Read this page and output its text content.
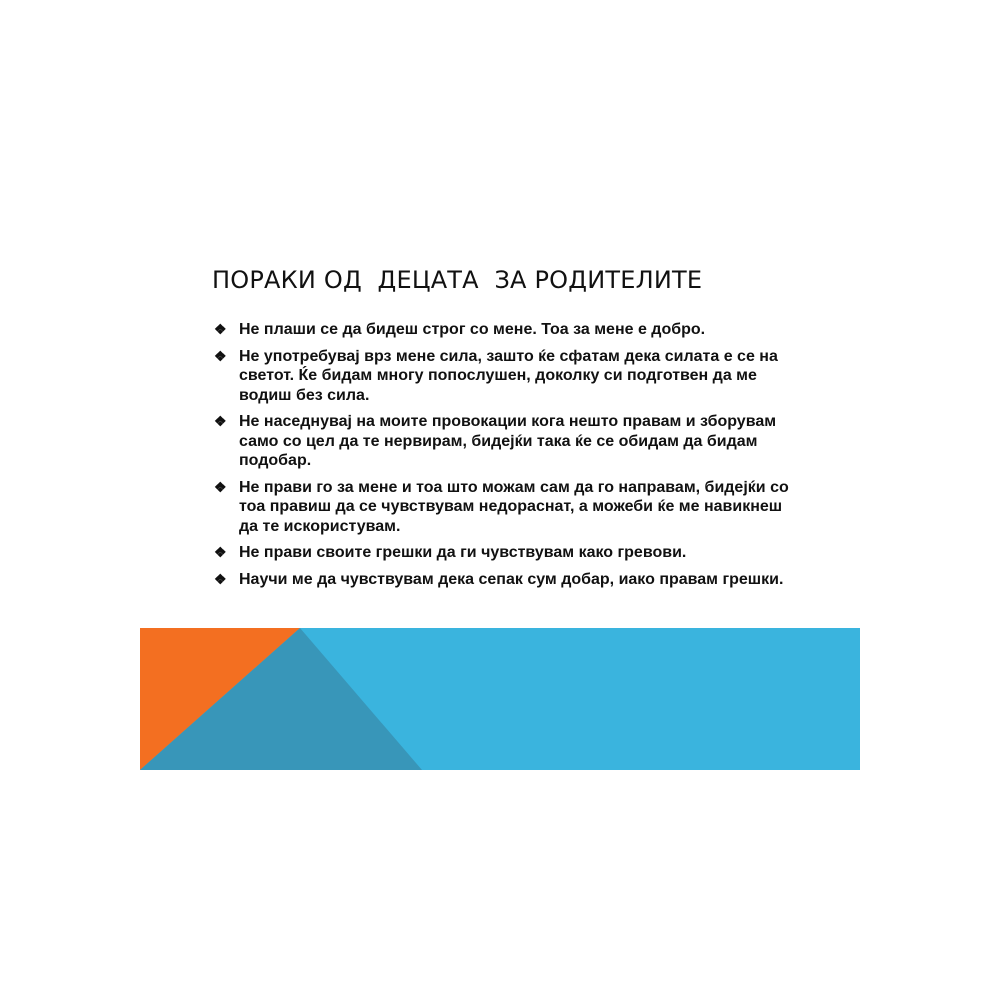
ПОРАКИ ОД  ДЕЦАТА  ЗА РОДИТЕЛИТЕ
❖ Не плаши се да бидеш строг со мене. Тоа за мене е добро.
❖ Не употребувај врз мене сила, зашто ќе сфатам дека силата е се на светот. Ќе бидам многу попослушен, доколку си подготвен да ме водиш без сила.
❖ Не наседнувај на моите провокации кога нешто правам и зборувам само со цел да те нервирам, бидејќи така ќе се обидам да бидам подобар.
❖ Не прави го за мене и тоа што можам сам да го направам, бидејќи со тоа правиш да се чувствувам недораснат, а можеби ќе ме навикнеш да те искористувам.
❖ Не прави своите грешки да ги чувствувам како гревови.
❖ Научи ме да чувствувам дека сепак сум добар, иако правам грешки.
